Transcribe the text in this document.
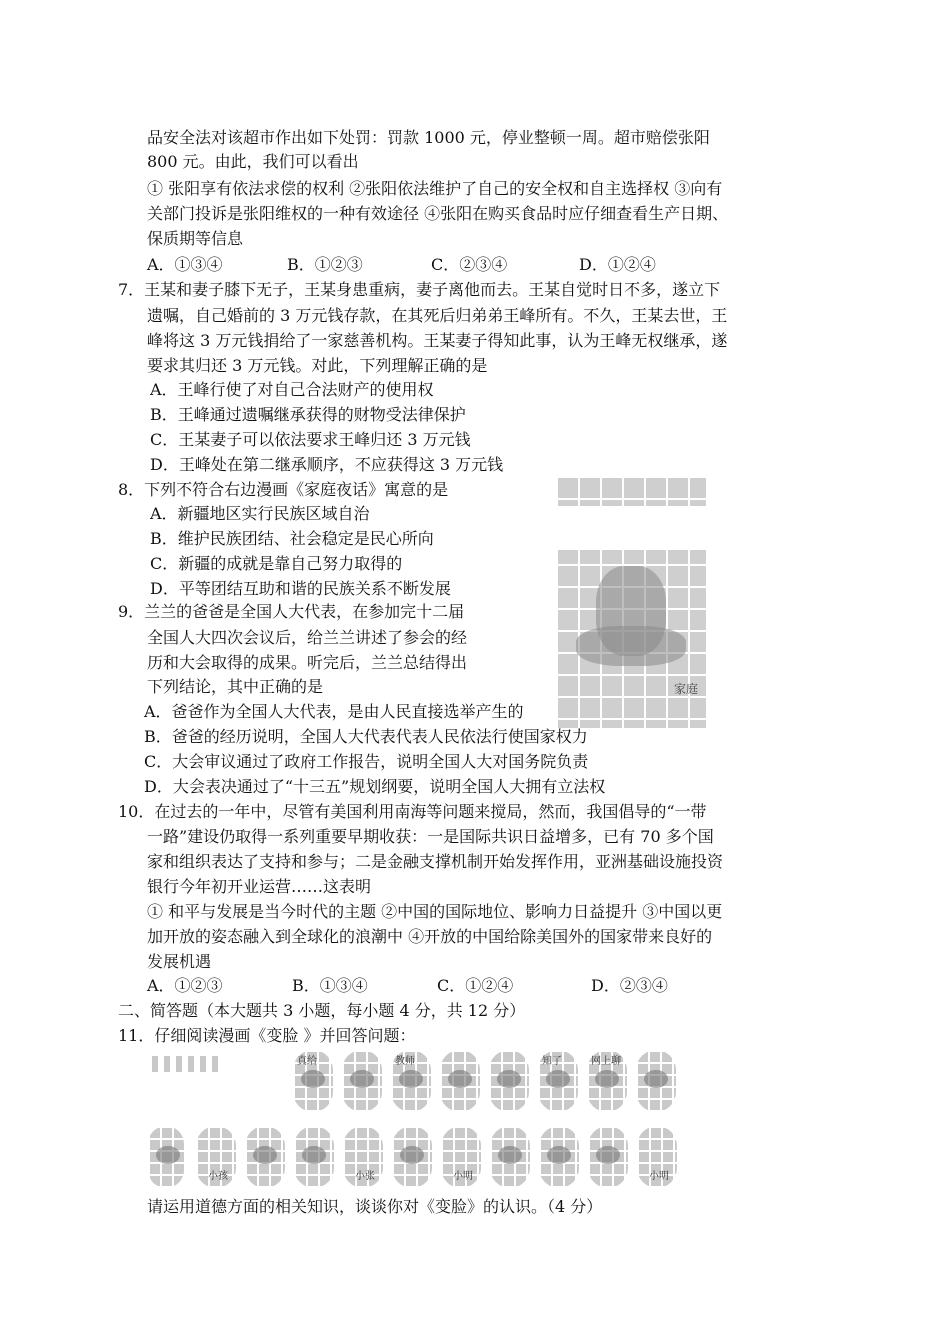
品安全法对该超市作出如下处罚：罚款 1000 元，停业整顿一周。超市赔偿张阳
800 元。由此，我们可以看出
① 张阳享有依法求偿的权利 ②张阳依法维护了自己的安全权和自主选择权 ③向有
关部门投诉是张阳维权的一种有效途径 ④张阳在购买食品时应仔细查看生产日期、
保质期等信息
A．①③④	B．①②③	C．②③④	D．①②④
7．王某和妻子膝下无子，王某身患重病，妻子离他而去。王某自觉时日不多，遂立下
遗嘱，自己婚前的 3 万元钱存款，在其死后归弟弟王峰所有。不久，王某去世，王
峰将这 3 万元钱捐给了一家慈善机构。王某妻子得知此事，认为王峰无权继承，遂
要求其归还 3 万元钱。对此，下列理解正确的是
A．王峰行使了对自己合法财产的使用权
B．王峰通过遗嘱继承获得的财物受法律保护
C．王某妻子可以依法要求王峰归还 3 万元钱
D．王峰处在第二继承顺序，不应获得这 3 万元钱
8．下列不符合右边漫画《家庭夜话》寓意的是
A．新疆地区实行民族区域自治
B．维护民族团结、社会稳定是民心所向
C．新疆的成就是靠自己努力取得的
D．平等团结互助和谐的民族关系不断发展
家庭
9．兰兰的爸爸是全国人大代表，在参加完十二届
全国人大四次会议后，给兰兰讲述了参会的经
历和大会取得的成果。听完后，兰兰总结得出
下列结论，其中正确的是
A．爸爸作为全国人大代表，是由人民直接选举产生的
B．爸爸的经历说明，全国人大代表代表人民依法行使国家权力
C．大会审议通过了政府工作报告，说明全国人大对国务院负责
D．大会表决通过了“十三五”规划纲要，说明全国人大拥有立法权
10．在过去的一年中，尽管有美国利用南海等问题来搅局，然而，我国倡导的“一带
一路”建设仍取得一系列重要早期收获：一是国际共识日益增多，已有 70 多个国
家和组织表达了支持和参与；二是金融支撑机制开始发挥作用，亚洲基础设施投资
银行今年初开业运营……这表明
① 和平与发展是当今时代的主题 ②中国的国际地位、影响力日益提升 ③中国以更
加开放的姿态融入到全球化的浪潮中 ④开放的中国给除美国外的国家带来良好的
发展机遇
A．①②③	B．①③④	C．①②④	D．②③④
二、简答题（本大题共 3 小题，每小题 4 分，共 12 分）
11．仔细阅读漫画《变脸 》并回答问题：
真给	教师	知了	网上聊
小孩	小张	小明	小明
请运用道德方面的相关知识，谈谈你对《变脸》的认识。（4 分）
